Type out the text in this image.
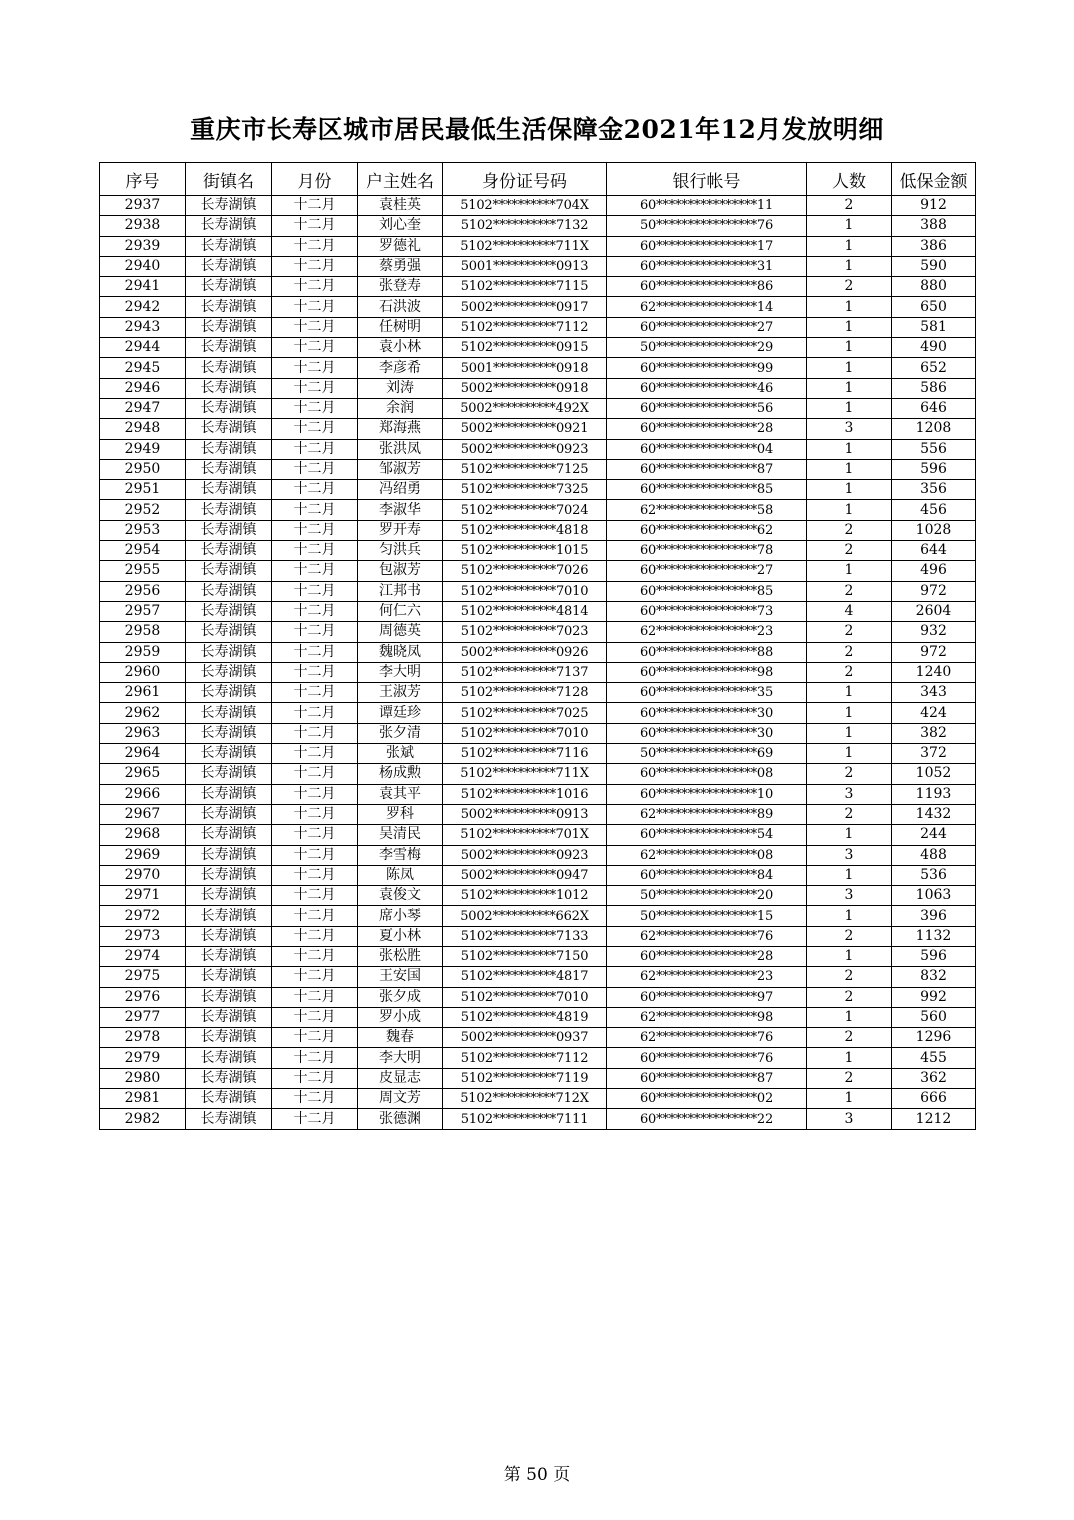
重庆市长寿区城市居民最低生活保障金2021年12月发放明细
序号	街镇名	月份	户主姓名	身份证号码	银行帐号	人数	低保金额
2937	长寿湖镇	十二月	袁桂英	5102**********704X	60****************11	2	912
2938	长寿湖镇	十二月	刘心奎	5102**********7132	50****************76	1	388
2939	长寿湖镇	十二月	罗德礼	5102**********711X	60****************17	1	386
2940	长寿湖镇	十二月	蔡勇强	5001**********0913	60****************31	1	590
2941	长寿湖镇	十二月	张登寿	5102**********7115	60****************86	2	880
2942	长寿湖镇	十二月	石洪波	5002**********0917	62****************14	1	650
2943	长寿湖镇	十二月	任树明	5102**********7112	60****************27	1	581
2944	长寿湖镇	十二月	袁小林	5102**********0915	50****************29	1	490
2945	长寿湖镇	十二月	李彦希	5001**********0918	60****************99	1	652
2946	长寿湖镇	十二月	刘涛	5002**********0918	60****************46	1	586
2947	长寿湖镇	十二月	余润	5002**********492X	60****************56	1	646
2948	长寿湖镇	十二月	郑海燕	5002**********0921	60****************28	3	1208
2949	长寿湖镇	十二月	张洪凤	5002**********0923	60****************04	1	556
2950	长寿湖镇	十二月	邹淑芳	5102**********7125	60****************87	1	596
2951	长寿湖镇	十二月	冯绍勇	5102**********7325	60****************85	1	356
2952	长寿湖镇	十二月	李淑华	5102**********7024	62****************58	1	456
2953	长寿湖镇	十二月	罗开寿	5102**********4818	60****************62	2	1028
2954	长寿湖镇	十二月	匀洪兵	5102**********1015	60****************78	2	644
2955	长寿湖镇	十二月	包淑芳	5102**********7026	60****************27	1	496
2956	长寿湖镇	十二月	江邦书	5102**********7010	60****************85	2	972
2957	长寿湖镇	十二月	何仁六	5102**********4814	60****************73	4	2604
2958	长寿湖镇	十二月	周德英	5102**********7023	62****************23	2	932
2959	长寿湖镇	十二月	魏晓凤	5002**********0926	60****************88	2	972
2960	长寿湖镇	十二月	李大明	5102**********7137	60****************98	2	1240
2961	长寿湖镇	十二月	王淑芳	5102**********7128	60****************35	1	343
2962	长寿湖镇	十二月	谭廷珍	5102**********7025	60****************30	1	424
2963	长寿湖镇	十二月	张夕清	5102**********7010	60****************30	1	382
2964	长寿湖镇	十二月	张斌	5102**********7116	50****************69	1	372
2965	长寿湖镇	十二月	杨成勲	5102**********711X	60****************08	2	1052
2966	长寿湖镇	十二月	袁其平	5102**********1016	60****************10	3	1193
2967	长寿湖镇	十二月	罗科	5002**********0913	62****************89	2	1432
2968	长寿湖镇	十二月	吴清民	5102**********701X	60****************54	1	244
2969	长寿湖镇	十二月	李雪梅	5002**********0923	62****************08	3	488
2970	长寿湖镇	十二月	陈凤	5002**********0947	60****************84	1	536
2971	长寿湖镇	十二月	袁俊文	5102**********1012	50****************20	3	1063
2972	长寿湖镇	十二月	席小琴	5002**********662X	50****************15	1	396
2973	长寿湖镇	十二月	夏小林	5102**********7133	62****************76	2	1132
2974	长寿湖镇	十二月	张松胜	5102**********7150	60****************28	1	596
2975	长寿湖镇	十二月	王安国	5102**********4817	62****************23	2	832
2976	长寿湖镇	十二月	张夕成	5102**********7010	60****************97	2	992
2977	长寿湖镇	十二月	罗小成	5102**********4819	62****************98	1	560
2978	长寿湖镇	十二月	魏春	5002**********0937	62****************76	2	1296
2979	长寿湖镇	十二月	李大明	5102**********7112	60****************76	1	455
2980	长寿湖镇	十二月	皮显志	5102**********7119	60****************87	2	362
2981	长寿湖镇	十二月	周文芳	5102**********712X	60****************02	1	666
2982	长寿湖镇	十二月	张德渊	5102**********7111	60****************22	3	1212
第 50 页
